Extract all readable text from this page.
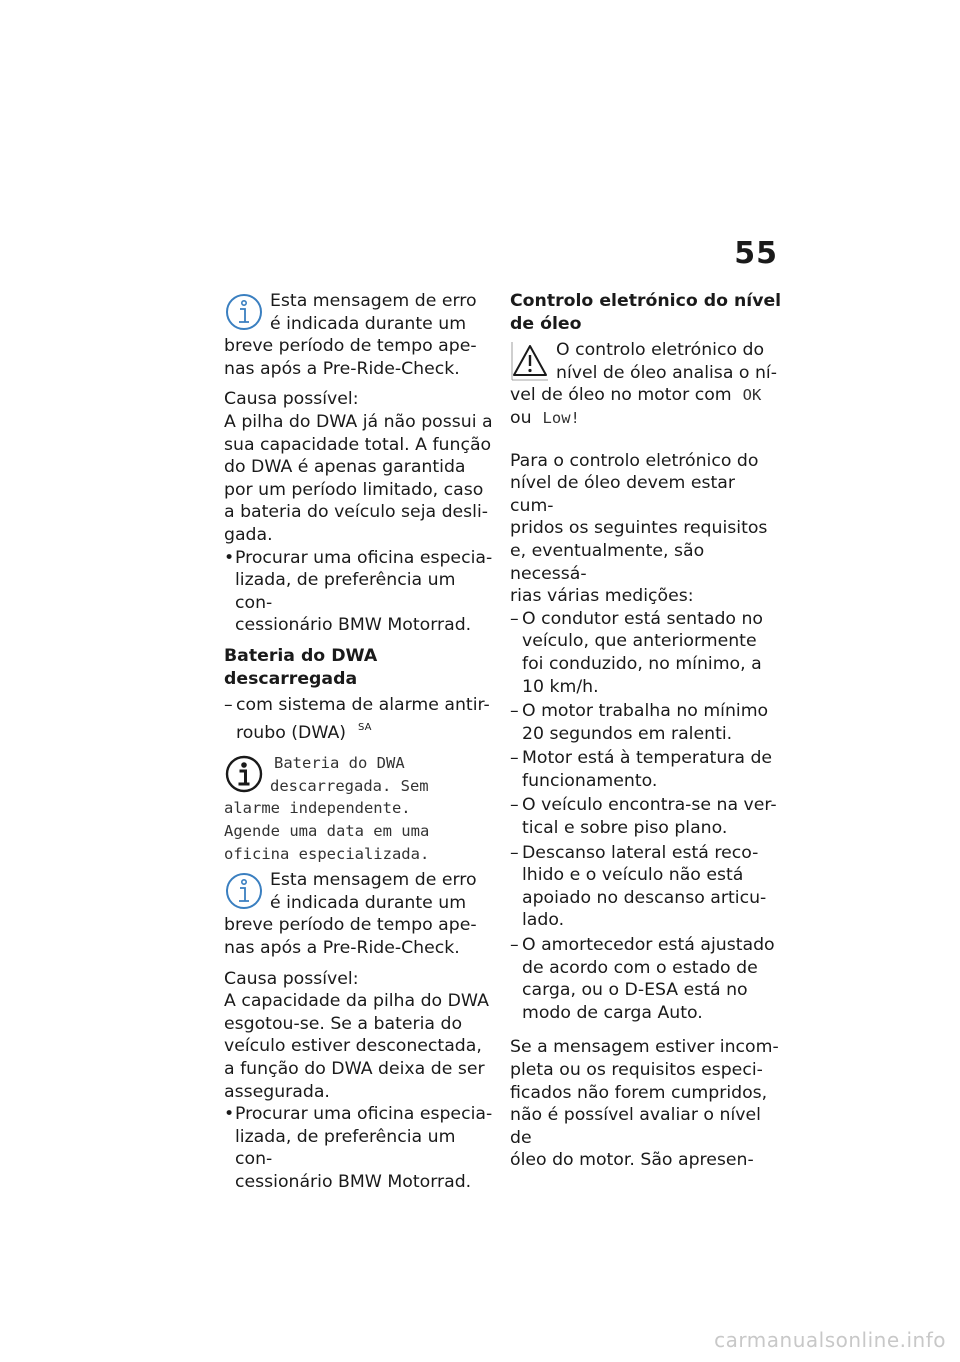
55
Esta mensagem de erro
é indicada durante um
breve período de tempo ape-
nas após a Pre-Ride-Check.
Causa possível:
A pilha do DWA já não possui a
sua capacidade total. A função
do DWA é apenas garantida
por um período limitado, caso
a bateria do veículo seja desli-
gada.
• Procurar uma oficina especia-
lizada, de preferência um con-
cessionário BMW Motorrad.
Bateria do DWA descarregada
– com sistema de alarme antir-
roubo (DWA) $^{SA}$
Bateria do DWA
descarregada. Sem
alarme independente.
Agende uma data em uma
oficina especializada.
Esta mensagem de erro
é indicada durante um
breve período de tempo ape-
nas após a Pre-Ride-Check.
Causa possível:
A capacidade da pilha do DWA
esgotou-se. Se a bateria do
veículo estiver desconectada,
a função do DWA deixa de ser
assegurada.
• Procurar uma oficina especia-
lizada, de preferência um con-
cessionário BMW Motorrad.
Controlo eletrónico do nível
de óleo
O controlo eletrónico do
nível de óleo analisa o ní-
vel de óleo no motor com OK
ou Low!
Para o controlo eletrónico do
nível de óleo devem estar cum-
pridos os seguintes requisitos
e, eventualmente, são necessá-
rias várias medições:
– O condutor está sentado no
veículo, que anteriormente
foi conduzido, no mínimo, a
10 km/h.
– O motor trabalha no mínimo
20 segundos em ralenti.
– Motor está à temperatura de
funcionamento.
– O veículo encontra-se na ver-
tical e sobre piso plano.
– Descanso lateral está reco-
lhido e o veículo não está
apoiado no descanso articu-
lado.
– O amortecedor está ajustado
de acordo com o estado de
carga, ou o D-ESA está no
modo de carga Auto.
Se a mensagem estiver incom-
pleta ou os requisitos especi-
ficados não forem cumpridos,
não é possível avaliar o nível de
óleo do motor. São apresen-
carmanualsonline.info
